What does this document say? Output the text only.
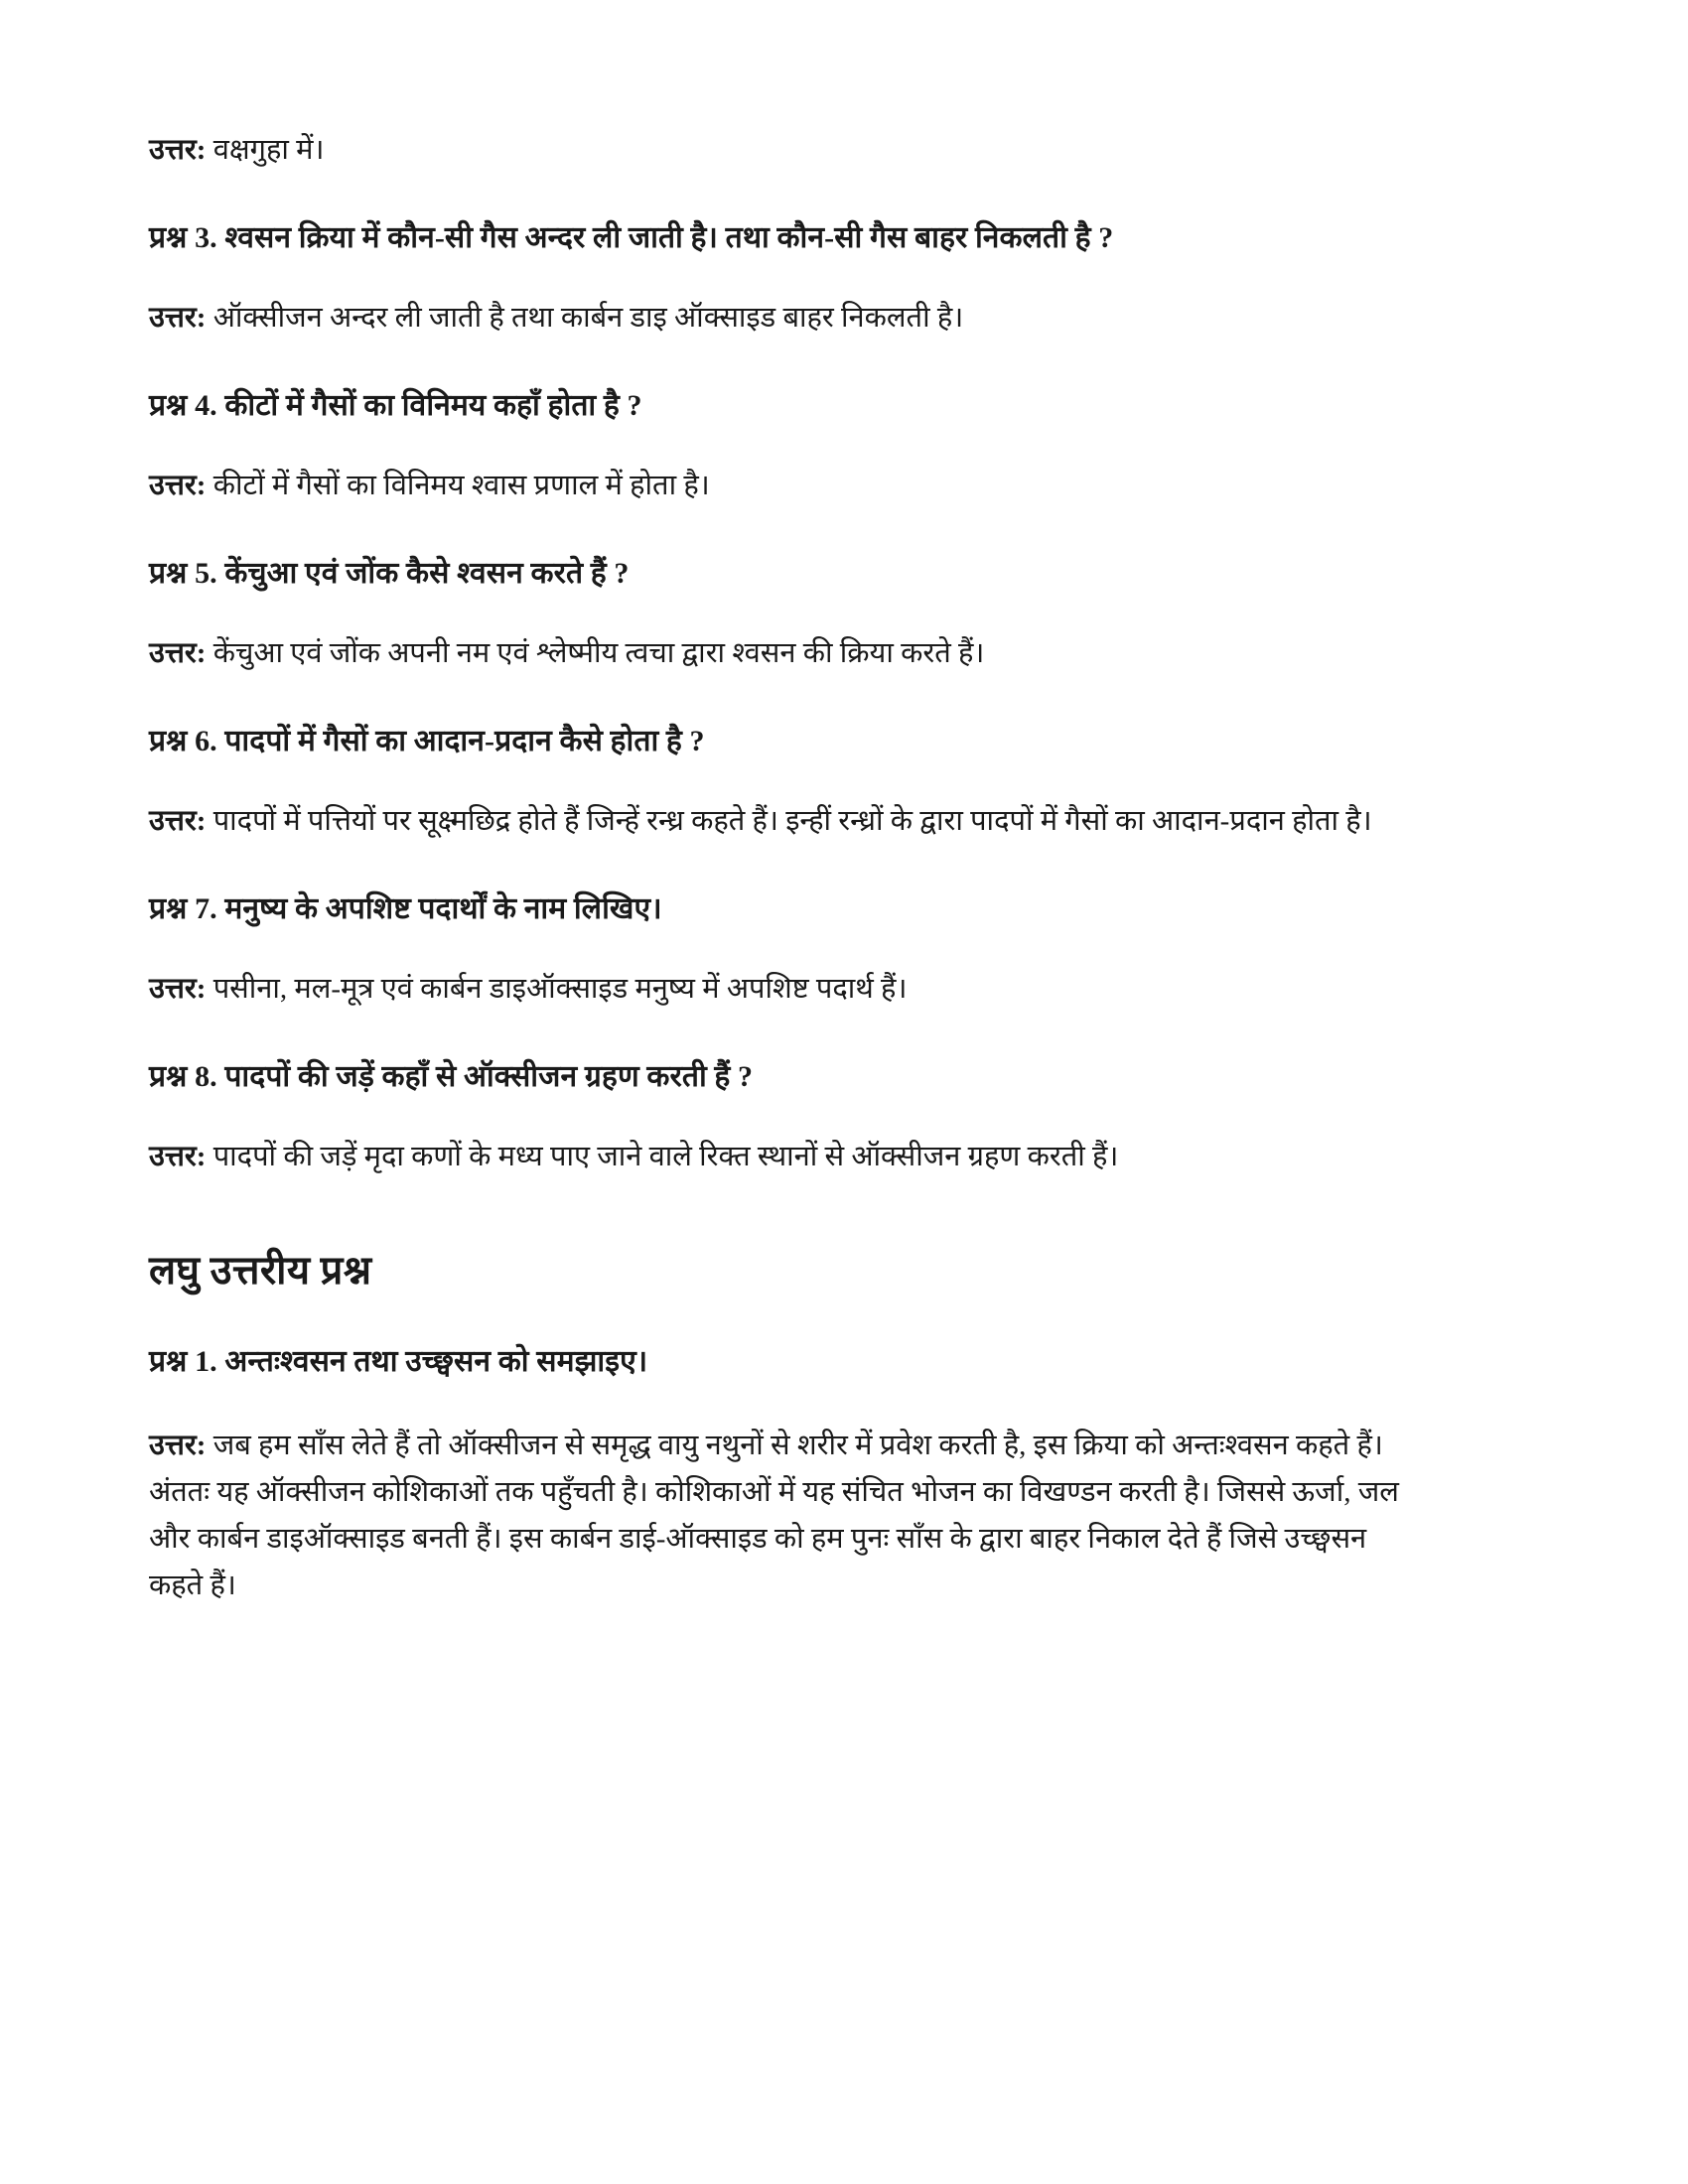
उत्तर: वक्षगुहा में।

प्रश्न 3. श्वसन क्रिया में कौन-सी गैस अन्दर ली जाती है। तथा कौन-सी गैस बाहर निकलती है ?

उत्तर: ऑक्सीजन अन्दर ली जाती है तथा कार्बन डाइ ऑक्साइड बाहर निकलती है।

प्रश्न 4. कीटों में गैसों का विनिमय कहाँ होता है ?

उत्तर: कीटों में गैसों का विनिमय श्वास प्रणाल में होता है।

प्रश्न 5. केंचुआ एवं जोंक कैसे श्वसन करते हैं ?

उत्तर: केंचुआ एवं जोंक अपनी नम एवं श्लेष्मीय त्वचा द्वारा श्वसन की क्रिया करते हैं।

प्रश्न 6. पादपों में गैसों का आदान-प्रदान कैसे होता है ?

उत्तर: पादपों में पत्तियों पर सूक्ष्मछिद्र होते हैं जिन्हें रन्ध्र कहते हैं। इन्हीं रन्ध्रों के द्वारा पादपों में गैसों का आदान-प्रदान होता है।

प्रश्न 7. मनुष्य के अपशिष्ट पदार्थों के नाम लिखिए।

उत्तर: पसीना, मल-मूत्र एवं कार्बन डाइऑक्साइड मनुष्य में अपशिष्ट पदार्थ हैं।

प्रश्न 8. पादपों की जड़ें कहाँ से ऑक्सीजन ग्रहण करती हैं ?

उत्तर: पादपों की जड़ें मृदा कणों के मध्य पाए जाने वाले रिक्त स्थानों से ऑक्सीजन ग्रहण करती हैं।

लघु उत्तरीय प्रश्न

प्रश्न 1. अन्तःश्वसन तथा उच्छ्वसन को समझाइए।

उत्तर: जब हम साँस लेते हैं तो ऑक्सीजन से समृद्ध वायु नथुनों से शरीर में प्रवेश करती है, इस क्रिया को अन्तःश्वसन कहते हैं। अंततः यह ऑक्सीजन कोशिकाओं तक पहुँचती है। कोशिकाओं में यह संचित भोजन का विखण्डन करती है। जिससे ऊर्जा, जल और कार्बन डाइऑक्साइड बनती हैं। इस कार्बन डाई-ऑक्साइड को हम पुनः साँस के द्वारा बाहर निकाल देते हैं जिसे उच्छ्वसन कहते हैं।
